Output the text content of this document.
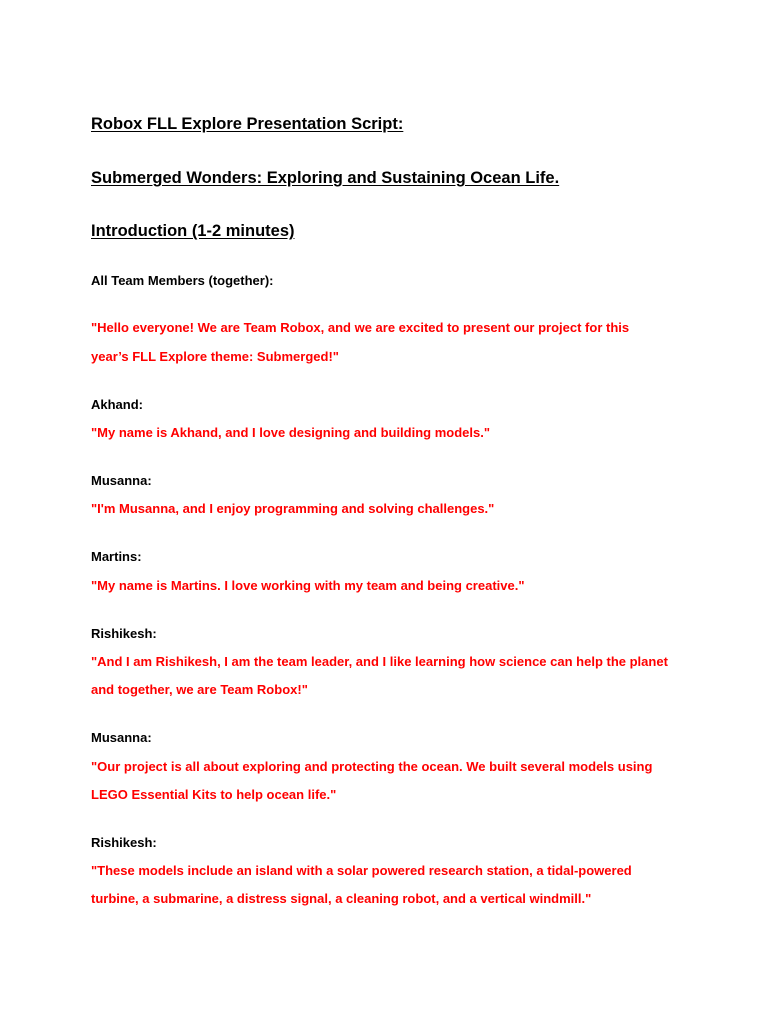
Robox FLL Explore Presentation Script:
Submerged Wonders: Exploring and Sustaining Ocean Life.
Introduction (1-2 minutes)
All Team Members (together):
"Hello everyone! We are Team Robox, and we are excited to present our project for this
year’s FLL Explore theme: Submerged!"
Akhand:
"My name is Akhand, and I love designing and building models."
Musanna:
"I'm Musanna, and I enjoy programming and solving challenges."
Martins:
"My name is Martins. I love working with my team and being creative."
Rishikesh:
"And I am Rishikesh, I am the team leader, and I like learning how science can help the planet
and together, we are Team Robox!"
Musanna:
"Our project is all about exploring and protecting the ocean. We built several models using
LEGO Essential Kits to help ocean life."
Rishikesh:
"These models include an island with a solar powered research station, a tidal-powered
turbine, a submarine, a distress signal, a cleaning robot, and a vertical windmill."
